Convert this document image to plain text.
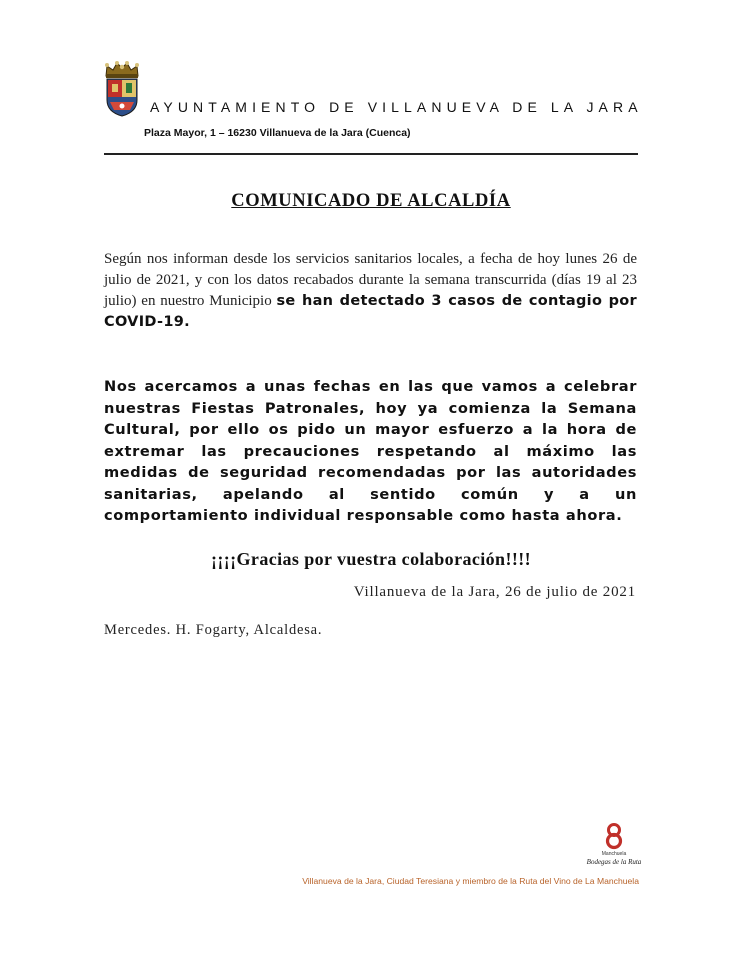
AYUNTAMIENTO DE VILLANUEVA DE LA JARA
Plaza Mayor, 1 – 16230 Villanueva de la Jara (Cuenca)
COMUNICADO DE ALCALDÍA
Según nos informan desde los servicios sanitarios locales, a fecha de hoy lunes 26 de julio de 2021, y con los datos recabados durante la semana transcurrida (días 19 al 23 julio) en nuestro Municipio se han detectado 3 casos de contagio por COVID-19.
Nos acercamos a unas fechas en las que vamos a celebrar nuestras Fiestas Patronales, hoy ya comienza la Semana Cultural, por ello os pido un mayor esfuerzo a la hora de extremar las precauciones respetando al máximo las medidas de seguridad recomendadas por las autoridades sanitarias, apelando al sentido común y a un comportamiento individual responsable como hasta ahora.
¡¡¡¡Gracias por vuestra colaboración!!!!
Villanueva de la Jara, 26 de julio de 2021
Mercedes. H. Fogarty, Alcaldesa.
Manchuela
Bodegas de la Ruta
Villanueva de la Jara, Ciudad Teresiana y miembro de la Ruta del Vino de La Manchuela
